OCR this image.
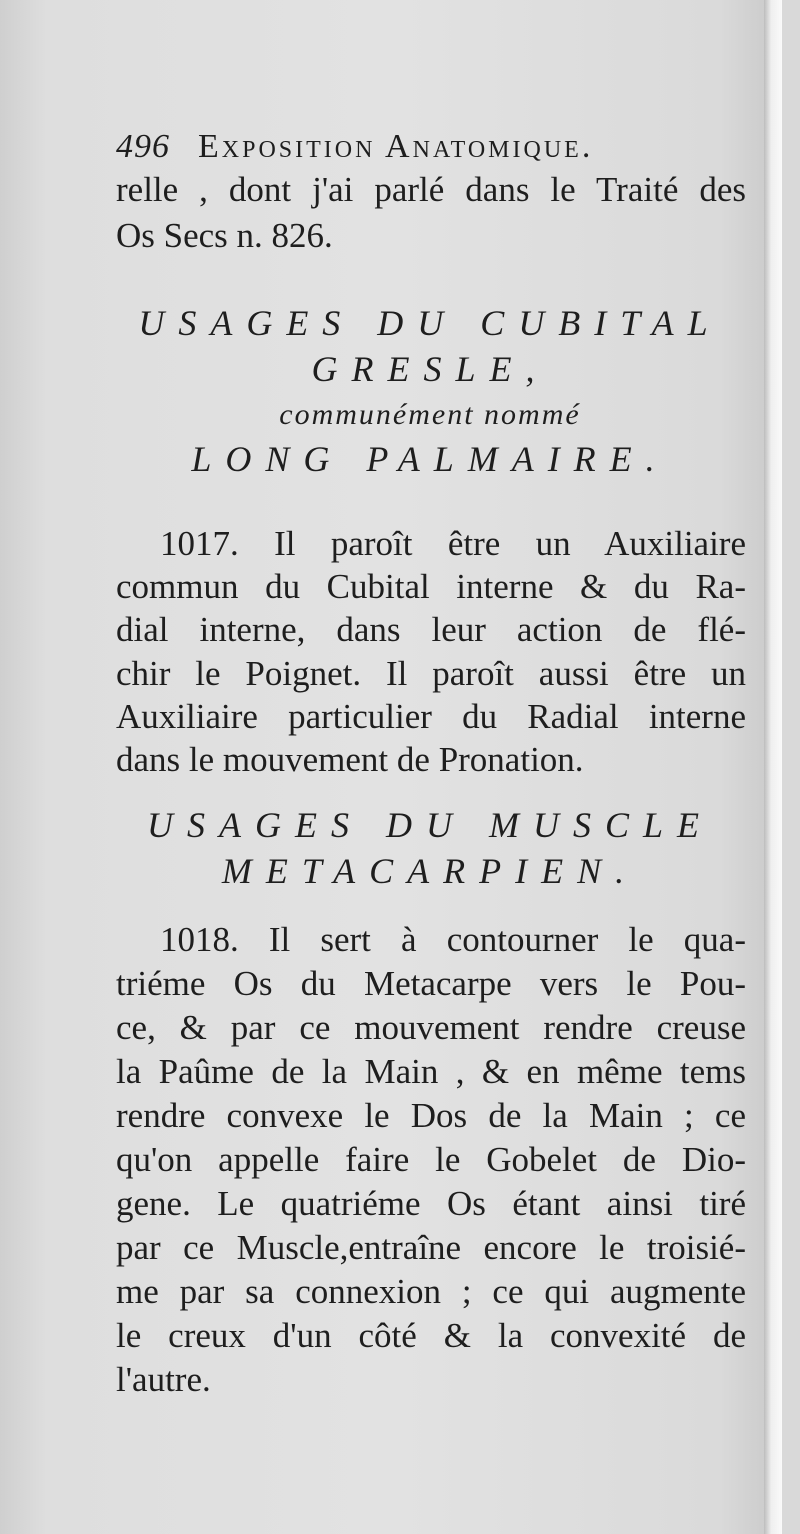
496 Exposition Anatomique.
relle , dont j'ai parlé dans le Traité des
Os Secs n. 826.
USAGES DU CUBITAL
GRESLE,
communément nommé
LONG PALMAIRE.
1017. Il paroît être un Auxiliaire
commun du Cubital interne & du Ra-
dial interne, dans leur action de flé-
chir le Poignet. Il paroît aussi être un
Auxiliaire particulier du Radial interne
dans le mouvement de Pronation.
USAGES DU MUSCLE
METACARPIEN.
1018. Il sert à contourner le qua-
triéme Os du Metacarpe vers le Pou-
ce, & par ce mouvement rendre creuse
la Paûme de la Main , & en même tems
rendre convexe le Dos de la Main ; ce
qu'on appelle faire le Gobelet de Dio-
gene. Le quatriéme Os étant ainsi tiré
par ce Muscle,entraîne encore le troisié-
me par sa connexion ; ce qui augmente
le creux d'un côté & la convexité de
l'autre.
